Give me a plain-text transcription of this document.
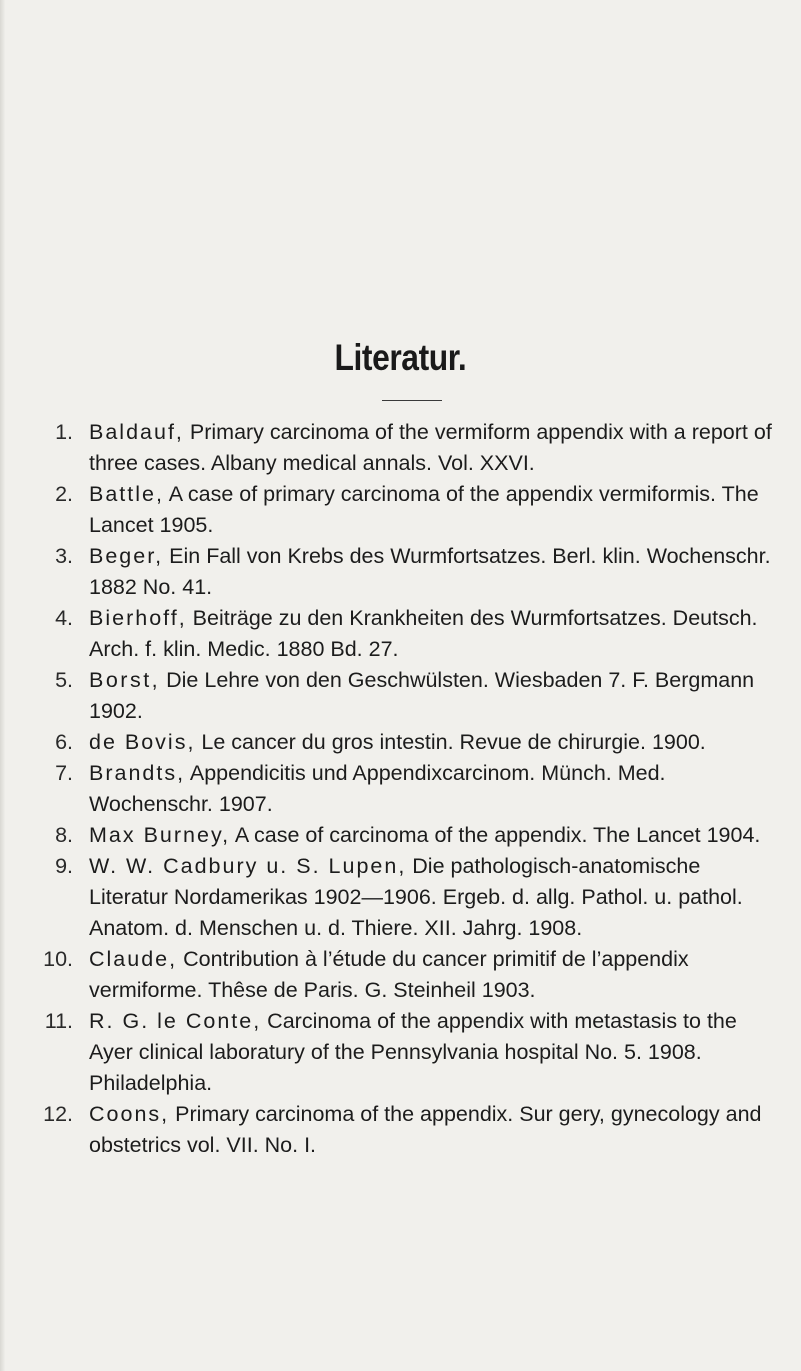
Literatur.
1. Baldauf, Primary carcinoma of the vermiform appendix with a report of three cases. Albany medical annals. Vol. XXVI.
2. Battle, A case of primary carcinoma of the appendix vermiformis. The Lancet 1905.
3. Beger, Ein Fall von Krebs des Wurmfortsatzes. Berl. klin. Wochenschr. 1882 No. 41.
4. Bierhoff, Beiträge zu den Krankheiten des Wurmfortsatzes. Deutsch. Arch. f. klin. Medic. 1880 Bd. 27.
5. Borst, Die Lehre von den Geschwülsten. Wiesbaden 7. F. Bergmann 1902.
6. de Bovis, Le cancer du gros intestin. Revue de chirurgie. 1900.
7. Brandts, Appendicitis und Appendixcarcinom. Münch. Med. Wochenschr. 1907.
8. Max Burney, A case of carcinoma of the appendix. The Lancet 1904.
9. W. W. Cadbury u. S. Lupen, Die pathologisch-anatomische Literatur Nordamerikas 1902—1906. Ergeb. d. allg. Pathol. u. pathol. Anatom. d. Menschen u. d. Thiere. XII. Jahrg. 1908.
10. Claude, Contribution à l’étude du cancer primitif de l’appendix vermiforme. Thêse de Paris. G. Steinheil 1903.
11. R. G. le Conte, Carcinoma of the appendix with metastasis to the Ayer clinical laboratury of the Pennsylvania hospital No. 5. 1908. Philadelphia.
12. Coons, Primary carcinoma of the appendix. Sur gery, gynecology and obstetrics vol. VII. No. I.
